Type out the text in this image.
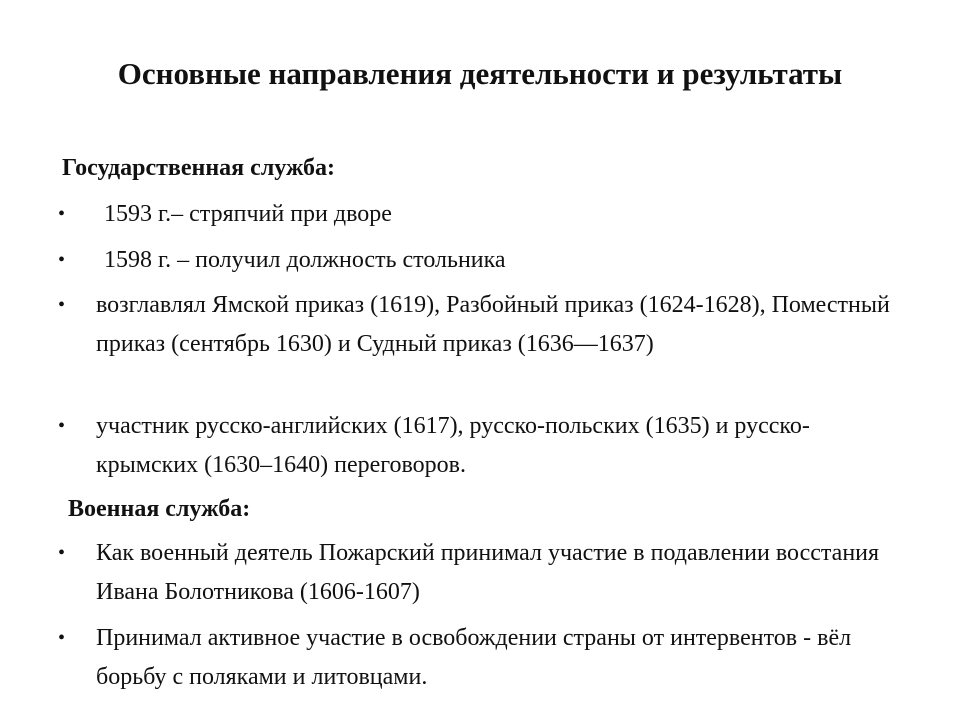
Основные направления деятельности и результаты
Государственная служба:
• 1593 г.– стряпчий при дворе
• 1598 г. – получил должность стольника
• возглавлял Ямской приказ (1619), Разбойный приказ (1624-1628), Поместный приказ (сентябрь 1630) и Судный приказ (1636—1637)
• участник русско-английских (1617), русско-польских (1635) и русско-крымских (1630–1640) переговоров.
Военная служба:
• Как военный деятель Пожарский принимал участие в подавлении восстания Ивана Болотникова (1606-1607)
• Принимал активное участие в освобождении страны от интервентов - вёл борьбу с поляками и литовцами.
